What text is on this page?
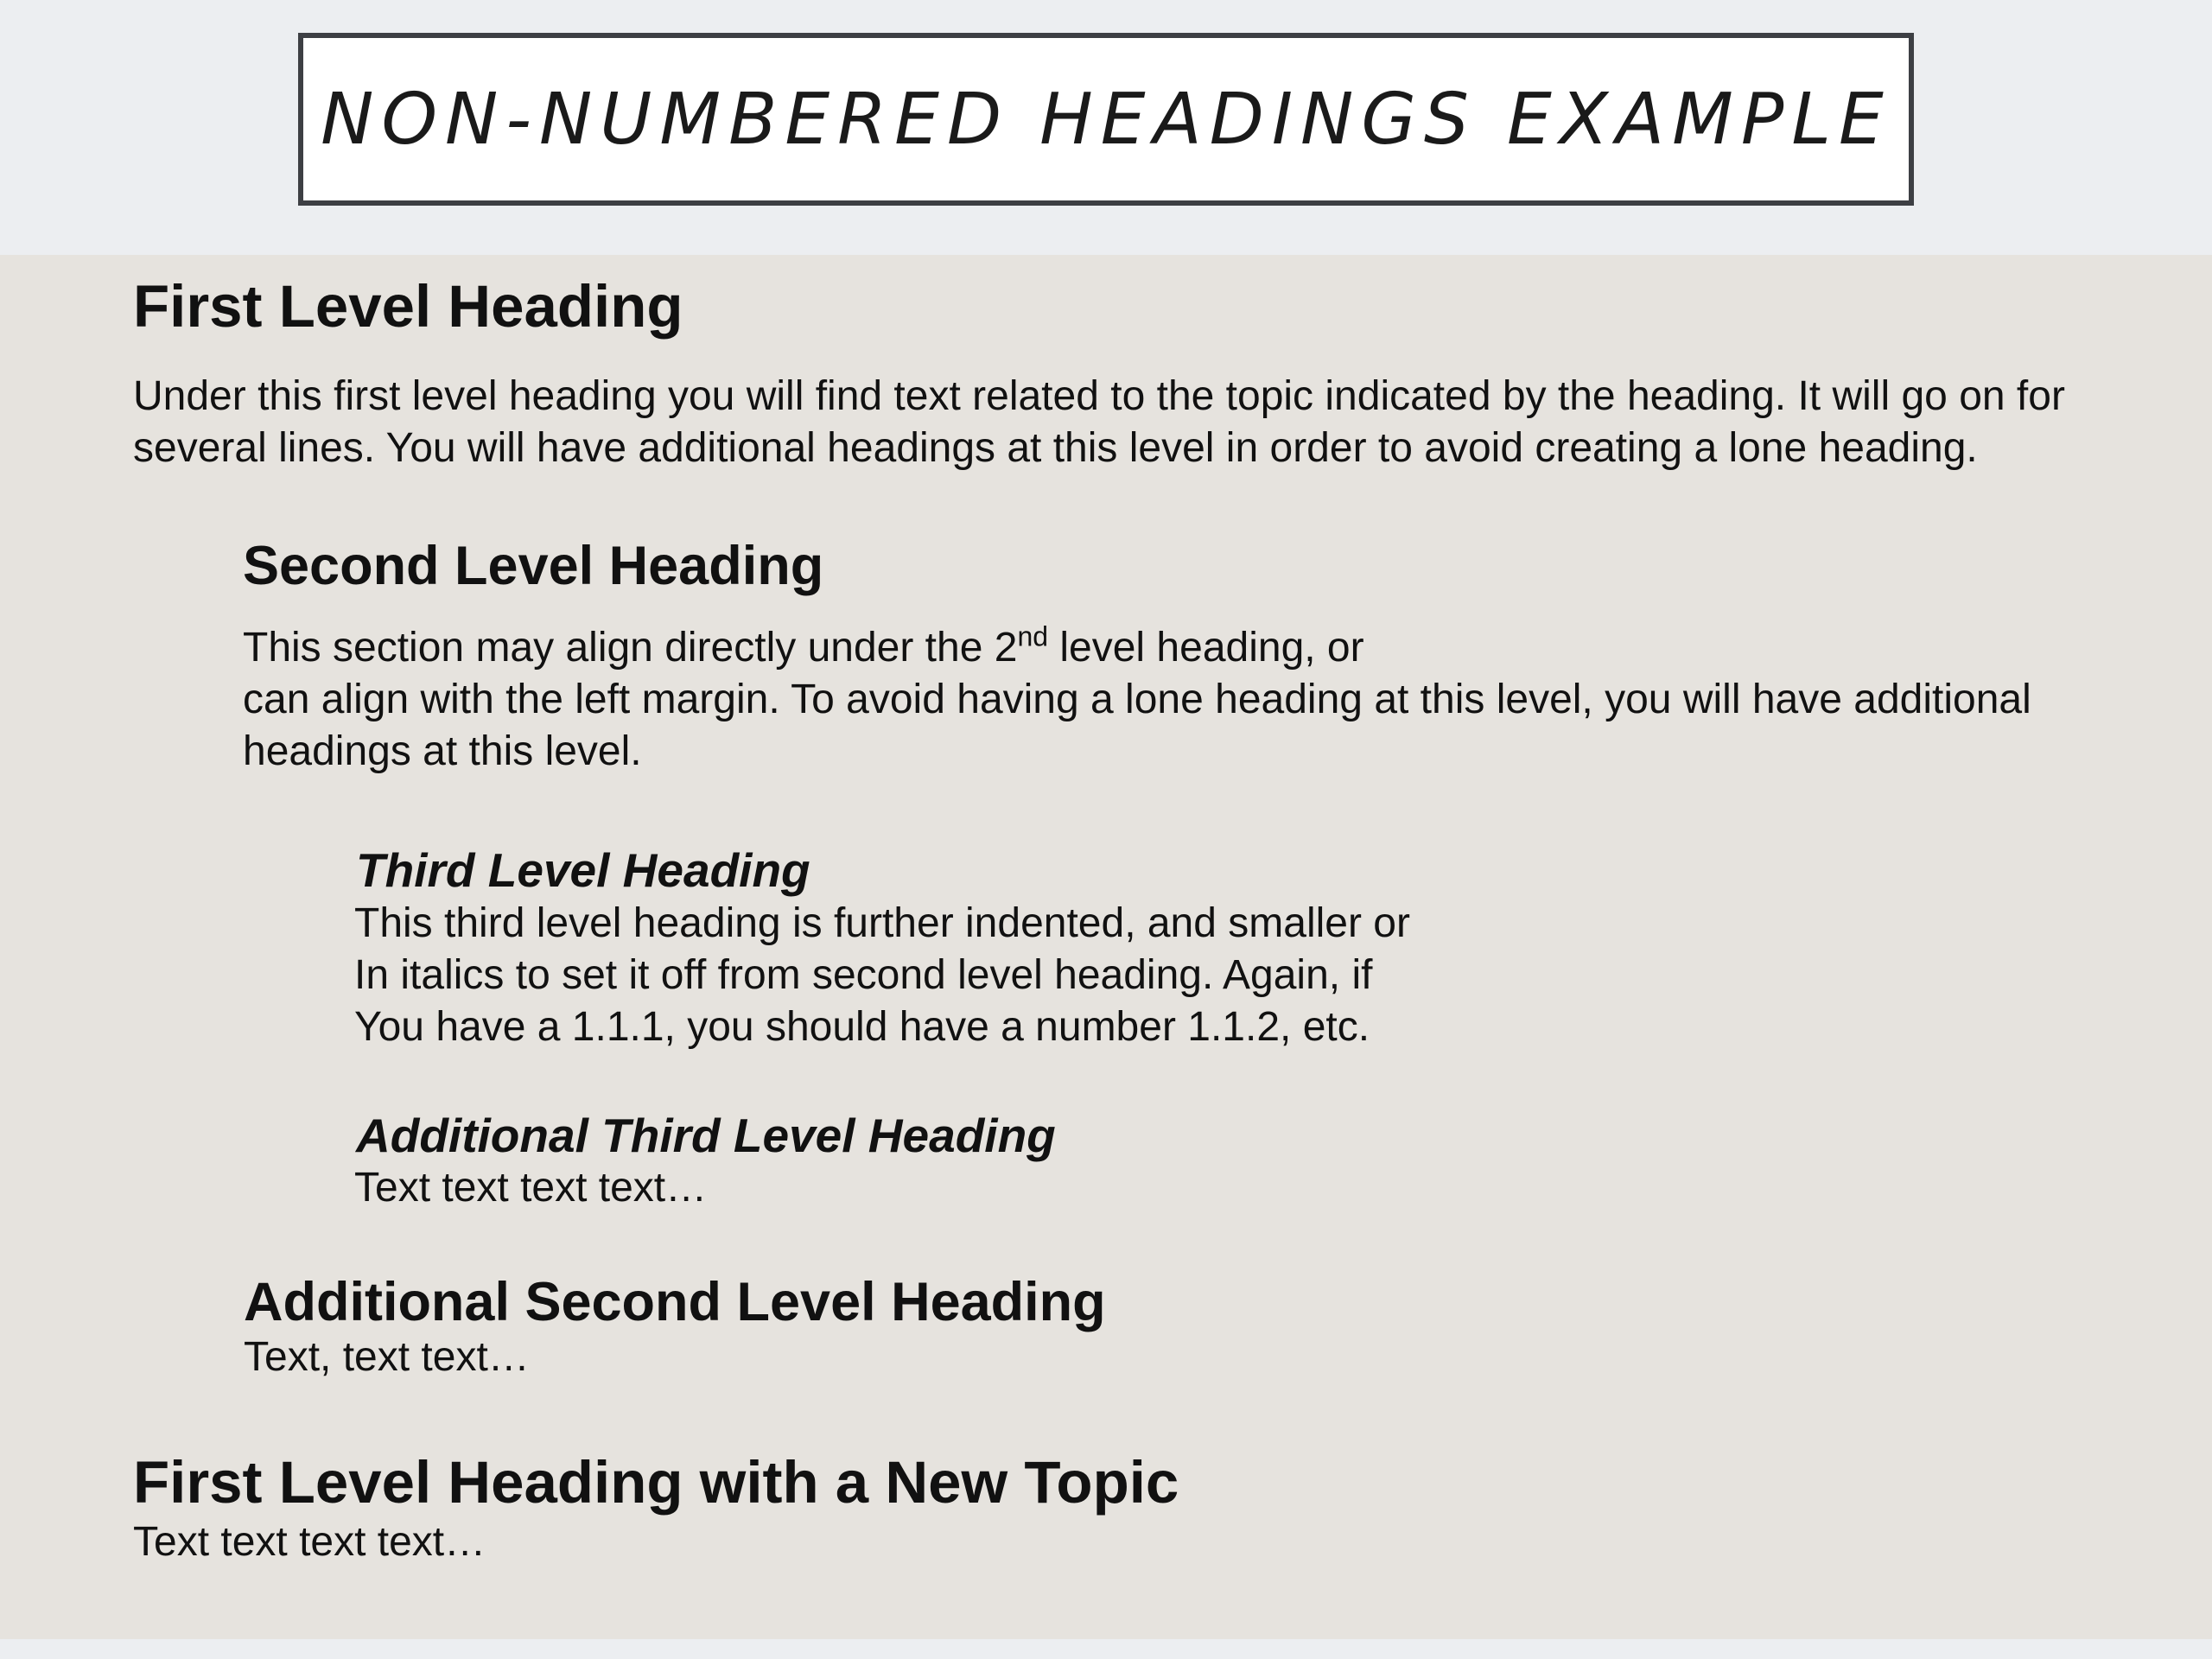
NON-NUMBERED HEADINGS EXAMPLE
First Level Heading
Under this first level heading you will find text related to the topic indicated by the heading. It will go on for
several lines. You will have additional headings at this level in order to avoid creating a lone heading.
Second Level Heading
This section may align directly under the 2nd level heading, or
can align with the left margin. To avoid having a lone heading at this level, you will have additional
headings at this level.
Third Level Heading
This third level heading is further indented, and smaller or
In italics to set it off from second level heading. Again, if
You have a 1.1.1, you should have a number 1.1.2, etc.
Additional Third Level Heading
Text text text text…
Additional Second Level Heading
Text, text text…
First Level Heading with a New Topic
Text text text text…
